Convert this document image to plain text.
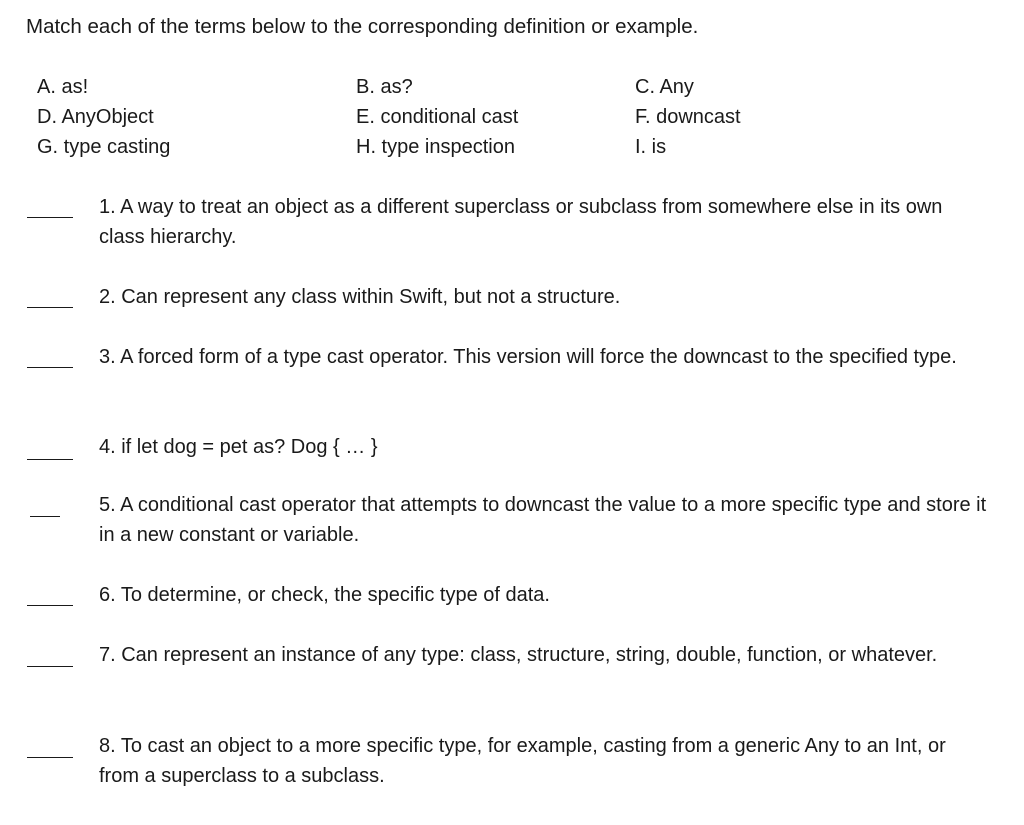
Match each of the terms below to the corresponding definition or example.
A. as!	B. as?	C. Any
D. AnyObject	E. conditional cast	F. downcast
G. type casting	H. type inspection	I. is
1. A way to treat an object as a different superclass or subclass from somewhere else in its own class hierarchy.
2. Can represent any class within Swift, but not a structure.
3. A forced form of a type cast operator. This version will force the downcast to the specified type.
4. if let dog = pet as? Dog { … }
5. A conditional cast operator that attempts to downcast the value to a more specific type and store it in a new constant or variable.
6. To determine, or check, the specific type of data.
7. Can represent an instance of any type: class, structure, string, double, function, or whatever.
8. To cast an object to a more specific type, for example, casting from a generic Any to an Int, or from a superclass to a subclass.
